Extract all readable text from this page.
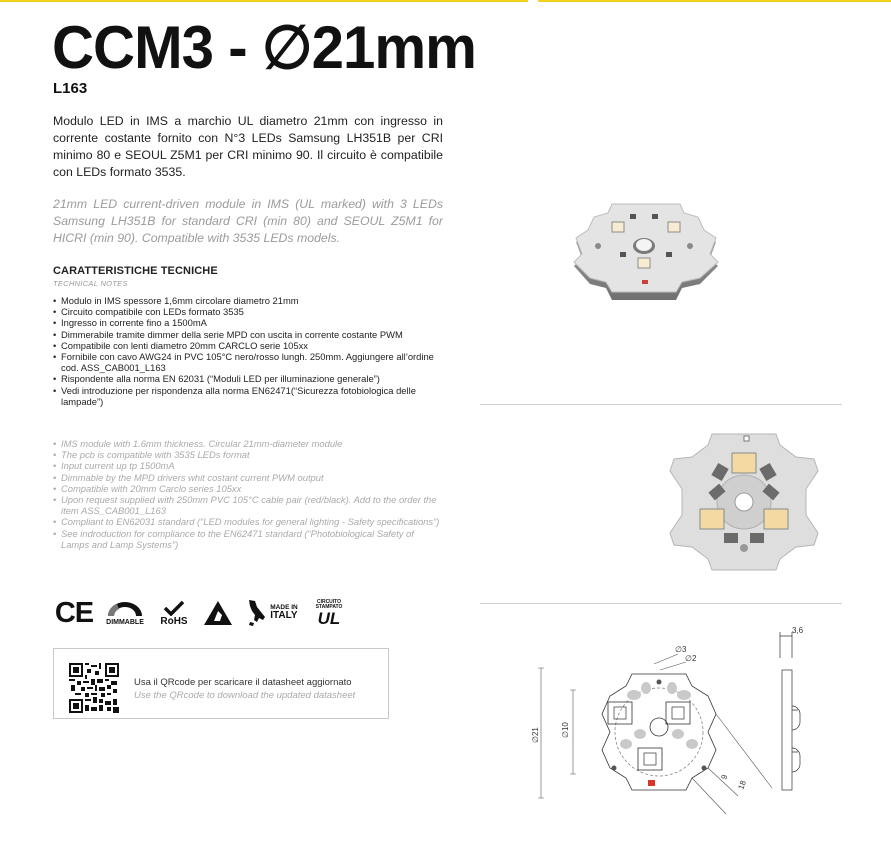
CCM3 - ∅21mm
L163

Modulo LED in IMS a marchio UL diametro 21mm con ingresso in corrente costante fornito con N°3 LEDs Samsung LH351B per CRI minimo 80 e SEOUL Z5M1 per CRI minimo 90. Il circuito è compatibile con LEDs formato 3535.

21mm LED current-driven module in IMS (UL marked) with 3 LEDs Samsung LH351B for standard CRI (min 80) and SEOUL Z5M1 for HICRI (min 90). Compatible with 3535 LEDs models.

CARATTERISTICHE TECNICHE
TECHNICAL NOTES
• Modulo in IMS spessore 1,6mm circolare diametro 21mm
• Circuito compatibile con LEDs formato 3535
• Ingresso in corrente fino a 1500mA
• Dimmerabile tramite dimmer della serie MPD con uscita in corrente costante PWM
• Compatibile con lenti diametro 20mm CARCLO serie 105xx
• Fornibile con cavo AWG24 in PVC 105°C nero/rosso lungh. 250mm. Aggiungere all’ordine cod. ASS_CAB001_L163
• Rispondente alla norma EN 62031 (“Moduli LED per illuminazione generale”)
• Vedi introduzione per rispondenza alla norma EN62471(“Sicurezza fotobiologica delle lampade”)
• IMS module with 1.6mm thickness. Circular 21mm-diameter module
• The pcb is compatible with 3535 LEDs format
• Input current up tp 1500mA
• Dimmable by the MPD drivers whit costant current PWM output
• Compatible with 20mm Carclo series 105xx
• Upon request supplied with 250mm PVC 105°C cable pair (red/black). Add to the order the item ASS_CAB001_L163
• Compliant to EN62031 standard (“LED modules for general lighting - Safety specifications”)
• See indroduction for compliance to the EN62471 standard (“Photobiological Safety of Lamps and Lamp Systems”)
CE DIMMABLE RoHS
MADE IN
ITALY
CIRCUITO
STAMPATO
UL
Usa il QRcode per scaricare il datasheet aggiornato
Use the QRcode to download the updated datasheet
∅3
∅2
∅21	∅10
9
18
3,6
